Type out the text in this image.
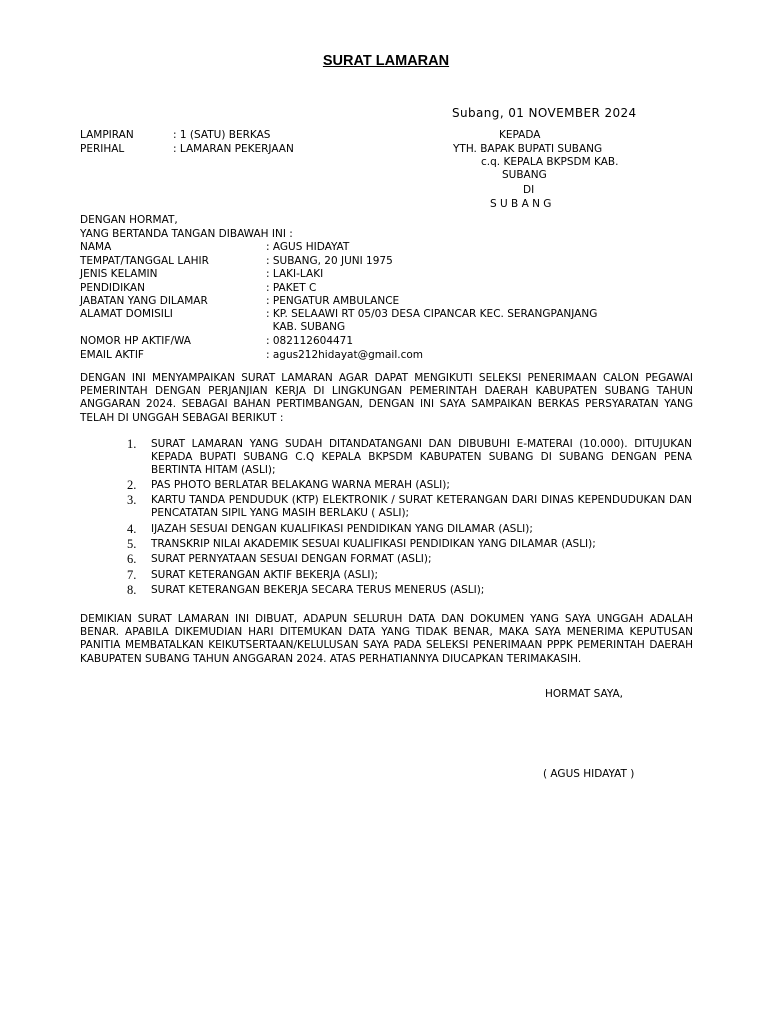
SURAT LAMARAN
Subang, 01 NOVEMBER 2024
LAMPIRAN	: 1 (SATU) BERKAS
PERIHAL	: LAMARAN PEKERJAAN
KEPADA
YTH. BAPAK BUPATI SUBANG
c.q. KEPALA BKPSDM KAB.
SUBANG
DI
S U B A N G
DENGAN HORMAT,
YANG BERTANDA TANGAN DIBAWAH INI :
NAMA	: AGUS HIDAYAT
TEMPAT/TANGGAL LAHIR	: SUBANG, 20 JUNI 1975
JENIS KELAMIN	: LAKI-LAKI
PENDIDIKAN	: PAKET C
JABATAN YANG DILAMAR	: PENGATUR AMBULANCE
ALAMAT DOMISILI	: KP. SELAAWI RT 05/03 DESA CIPANCAR KEC. SERANGPANJANG
KAB. SUBANG
NOMOR HP AKTIF/WA	: 082112604471
EMAIL AKTIF	: agus212hidayat@gmail.com
DENGAN INI MENYAMPAIKAN SURAT LAMARAN AGAR DAPAT MENGIKUTI SELEKSI PENERIMAAN CALON PEGAWAI PEMERINTAH DENGAN PERJANJIAN KERJA DI LINGKUNGAN PEMERINTAH DAERAH KABUPATEN SUBANG TAHUN ANGGARAN 2024. SEBAGAI BAHAN PERTIMBANGAN, DENGAN INI SAYA SAMPAIKAN BERKAS PERSYARATAN YANG TELAH DI UNGGAH SEBAGAI BERIKUT :
1. SURAT LAMARAN YANG SUDAH DITANDATANGANI DAN DIBUBUHI E-MATERAI (10.000). DITUJUKAN KEPADA BUPATI SUBANG C.Q KEPALA BKPSDM KABUPATEN SUBANG DI SUBANG DENGAN PENA BERTINTA HITAM (ASLI);
2. PAS PHOTO BERLATAR BELAKANG WARNA MERAH (ASLI);
3. KARTU TANDA PENDUDUK (KTP) ELEKTRONIK / SURAT KETERANGAN DARI DINAS KEPENDUDUKAN DAN PENCATATAN SIPIL YANG MASIH BERLAKU ( ASLI);
4. IJAZAH SESUAI DENGAN KUALIFIKASI PENDIDIKAN YANG DILAMAR (ASLI);
5. TRANSKRIP NILAI AKADEMIK SESUAI KUALIFIKASI PENDIDIKAN YANG DILAMAR (ASLI);
6. SURAT PERNYATAAN SESUAI DENGAN FORMAT (ASLI);
7. SURAT KETERANGAN AKTIF BEKERJA (ASLI);
8. SURAT KETERANGAN BEKERJA SECARA TERUS MENERUS (ASLI);
DEMIKIAN SURAT LAMARAN INI DIBUAT, ADAPUN SELURUH DATA DAN DOKUMEN YANG SAYA UNGGAH ADALAH BENAR. APABILA DIKEMUDIAN HARI DITEMUKAN DATA YANG TIDAK BENAR, MAKA SAYA MENERIMA KEPUTUSAN PANITIA MEMBATALKAN KEIKUTSERTAAN/KELULUSAN SAYA PADA SELEKSI PENERIMAAN PPPK PEMERINTAH DAERAH KABUPATEN SUBANG TAHUN ANGGARAN 2024. ATAS PERHATIANNYA DIUCAPKAN TERIMAKASIH.
HORMAT SAYA,
( AGUS HIDAYAT )
